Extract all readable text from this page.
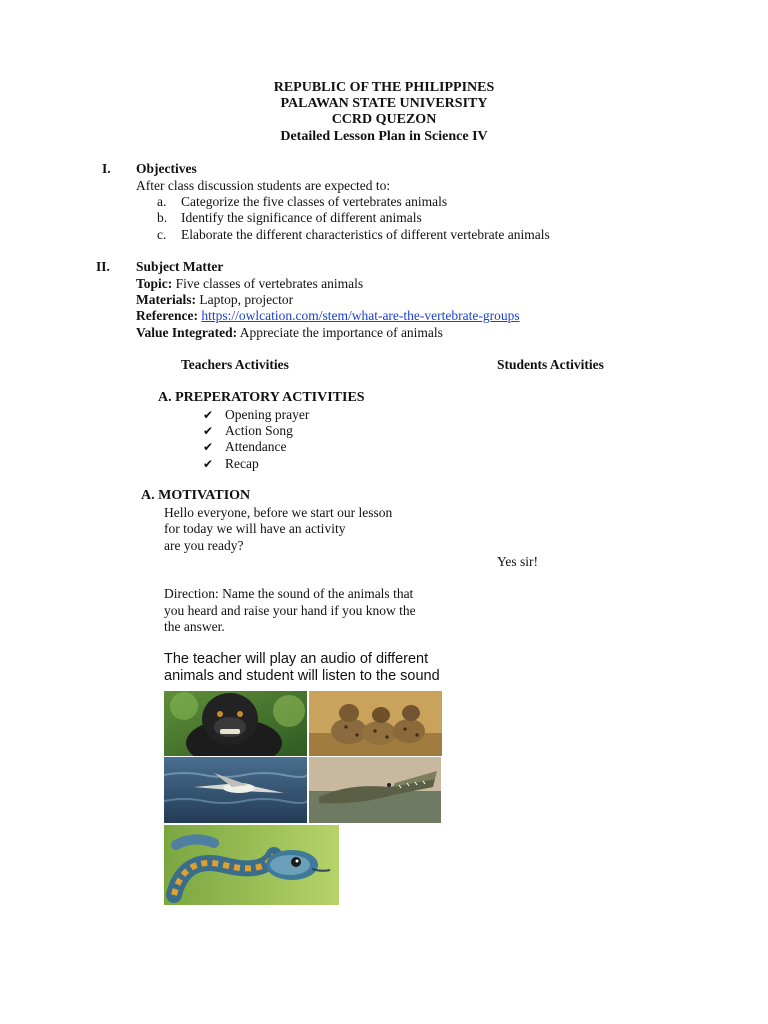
REPUBLIC OF THE PHILIPPINES
PALAWAN STATE UNIVERSITY
CCRD QUEZON
Detailed Lesson Plan in Science IV
I. Objectives
After class discussion students are expected to:
a. Categorize the five classes of vertebrates animals
b. Identify the significance of different animals
c. Elaborate the different characteristics of different vertebrate animals
II. Subject Matter
Topic: Five classes of vertebrates animals
Materials: Laptop, projector
Reference: https://owlcation.com/stem/what-are-the-vertebrate-groups
Value Integrated: Appreciate the importance of animals
Teachers Activities	Students Activities
A. PREPERATORY ACTIVITIES
✔ Opening prayer
✔ Action Song
✔ Attendance
✔ Recap
A. MOTIVATION
Hello everyone, before we start our lesson
for today we will have an activity
are you ready?
Yes sir!
Direction: Name the sound of the animals that
you heard and raise your hand if you know the
the answer.
The teacher will play an audio of different
animals and student will listen to the sound
